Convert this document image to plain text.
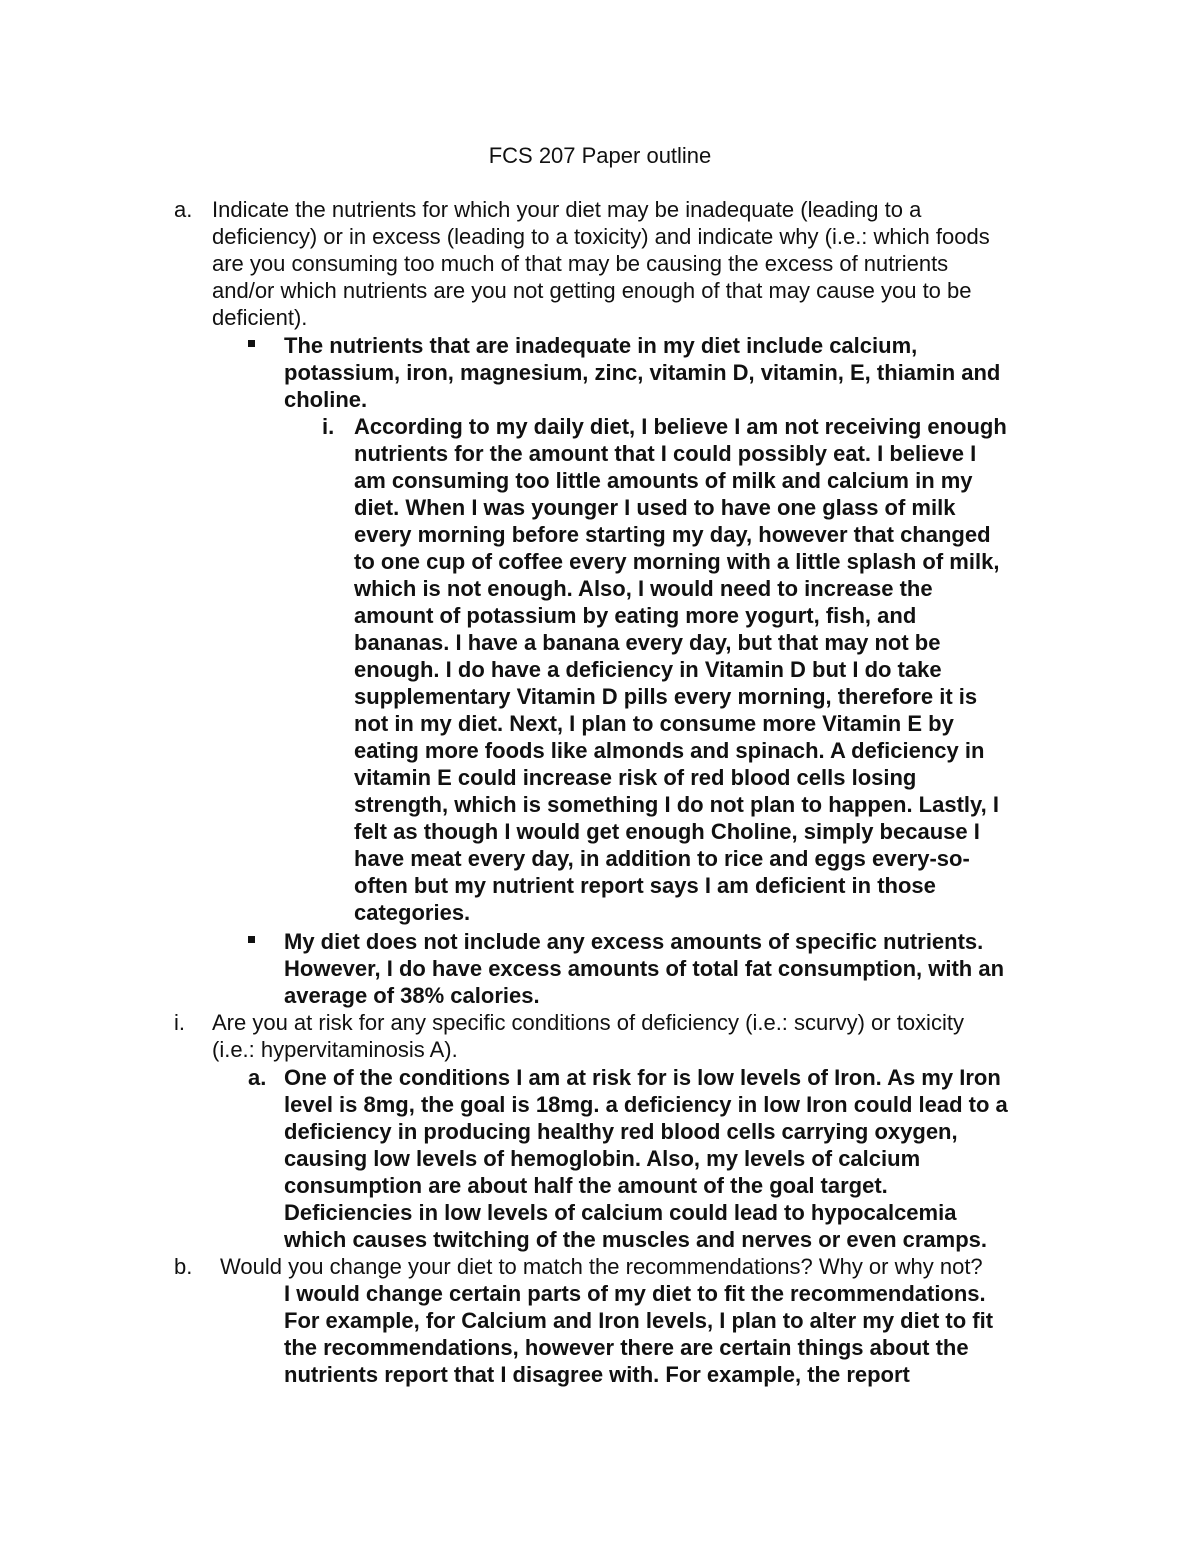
FCS 207 Paper outline
a. Indicate the nutrients for which your diet may be inadequate (leading to a
deficiency) or in excess (leading to a toxicity) and indicate why (i.e.: which foods
are you consuming too much of that may be causing the excess of nutrients
and/or which nutrients are you not getting enough of that may cause you to be
deficient).
The nutrients that are inadequate in my diet include calcium,
potassium, iron, magnesium, zinc, vitamin D, vitamin, E, thiamin and
choline.
i. According to my daily diet, I believe I am not receiving enough
nutrients for the amount that I could possibly eat. I believe I
am consuming too little amounts of milk and calcium in my
diet. When I was younger I used to have one glass of milk
every morning before starting my day, however that changed
to one cup of coffee every morning with a little splash of milk,
which is not enough. Also, I would need to increase the
amount of potassium by eating more yogurt, fish, and
bananas. I have a banana every day, but that may not be
enough. I do have a deficiency in Vitamin D but I do take
supplementary Vitamin D pills every morning, therefore it is
not in my diet. Next, I plan to consume more Vitamin E by
eating more foods like almonds and spinach. A deficiency in
vitamin E could increase risk of red blood cells losing
strength, which is something I do not plan to happen. Lastly, I
felt as though I would get enough Choline, simply because I
have meat every day, in addition to rice and eggs every-so-
often but my nutrient report says I am deficient in those
categories.
My diet does not include any excess amounts of specific nutrients.
However, I do have excess amounts of total fat consumption, with an
average of 38% calories.
i. Are you at risk for any specific conditions of deficiency (i.e.: scurvy) or toxicity
(i.e.: hypervitaminosis A).
a. One of the conditions I am at risk for is low levels of Iron. As my Iron
level is 8mg, the goal is 18mg. a deficiency in low Iron could lead to a
deficiency in producing healthy red blood cells carrying oxygen,
causing low levels of hemoglobin. Also, my levels of calcium
consumption are about half the amount of the goal target.
Deficiencies in low levels of calcium could lead to hypocalcemia
which causes twitching of the muscles and nerves or even cramps.
b. Would you change your diet to match the recommendations? Why or why not?
I would change certain parts of my diet to fit the recommendations.
For example, for Calcium and Iron levels, I plan to alter my diet to fit
the recommendations, however there are certain things about the
nutrients report that I disagree with. For example, the report
